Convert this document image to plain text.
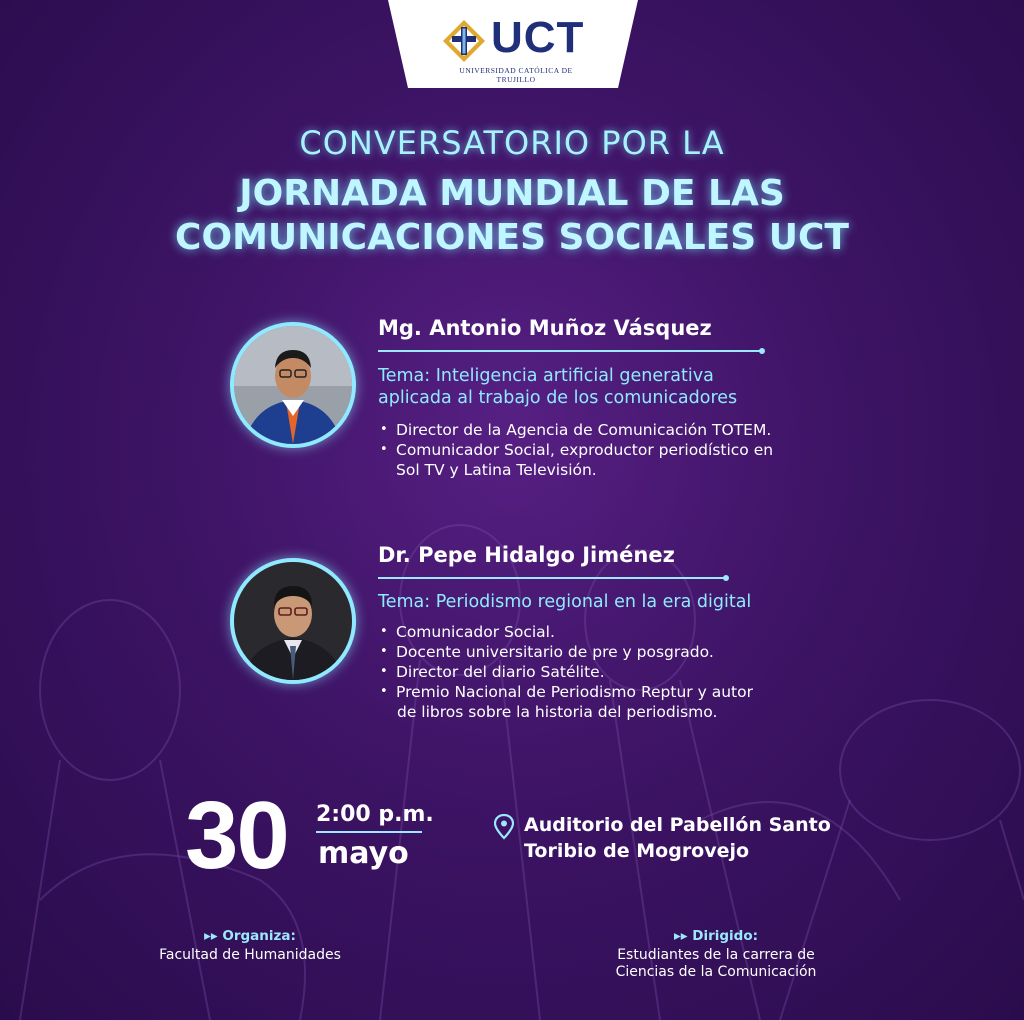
UCT
UNIVERSIDAD CATÓLICA DE TRUJILLO
CONVERSATORIO POR LA
JORNADA MUNDIAL DE LAS
COMUNICACIONES SOCIALES UCT
Mg. Antonio Muñoz Vásquez
Tema: Inteligencia artificial generativa
aplicada al trabajo de los comunicadores
• Director de la Agencia de Comunicación TOTEM.
• Comunicador Social, exproductor periodístico en
Sol TV y Latina Televisión.
Dr. Pepe Hidalgo Jiménez
Tema: Periodismo regional en la era digital
• Comunicador Social.
• Docente universitario de pre y posgrado.
• Director del diario Satélite.
• Premio Nacional de Periodismo Reptur y autor
de libros sobre la historia del periodismo.
30 2:00 p.m.
mayo
Auditorio del Pabellón Santo
Toribio de Mogrovejo
▸▸ Organiza:
Facultad de Humanidades
▸▸ Dirigido:
Estudiantes de la carrera de
Ciencias de la Comunicación
